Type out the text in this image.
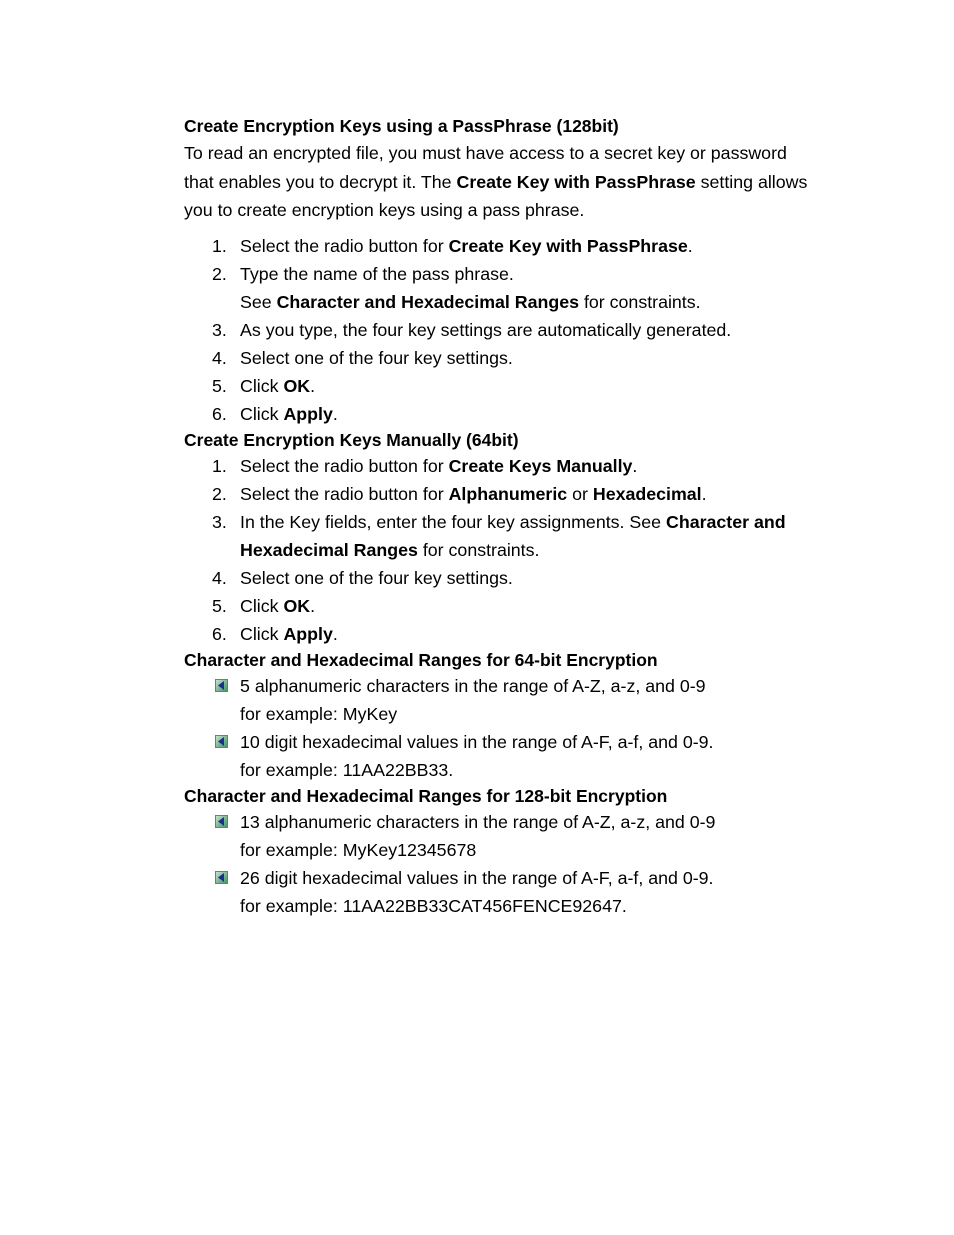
Create Encryption Keys using a PassPhrase (128bit)

To read an encrypted file, you must have access to a secret key or password

that enables you to decrypt it. The Create Key with PassPhrase setting allows

you to create encryption keys using a pass phrase.

1. Select the radio button for Create Key with PassPhrase.
2. Type the name of the pass phrase.
See Character and Hexadecimal Ranges for constraints.
3. As you type, the four key settings are automatically generated.
4. Select one of the four key settings.
5. Click OK.
6. Click Apply.
Create Encryption Keys Manually (64bit)
1. Select the radio button for Create Keys Manually.
2. Select the radio button for Alphanumeric or Hexadecimal.
3. In the Key fields, enter the four key assignments. See Character and
Hexadecimal Ranges for constraints.
4. Select one of the four key settings.
5. Click OK.
6. Click Apply.
Character and Hexadecimal Ranges for 64-bit Encryption
5 alphanumeric characters in the range of A-Z, a-z, and 0-9
for example: MyKey
10 digit hexadecimal values in the range of A-F, a-f, and 0-9.
for example: 11AA22BB33.
Character and Hexadecimal Ranges for 128-bit Encryption
13 alphanumeric characters in the range of A-Z, a-z, and 0-9
for example: MyKey12345678
26 digit hexadecimal values in the range of A-F, a-f, and 0-9.
for example: 11AA22BB33CAT456FENCE92647.
